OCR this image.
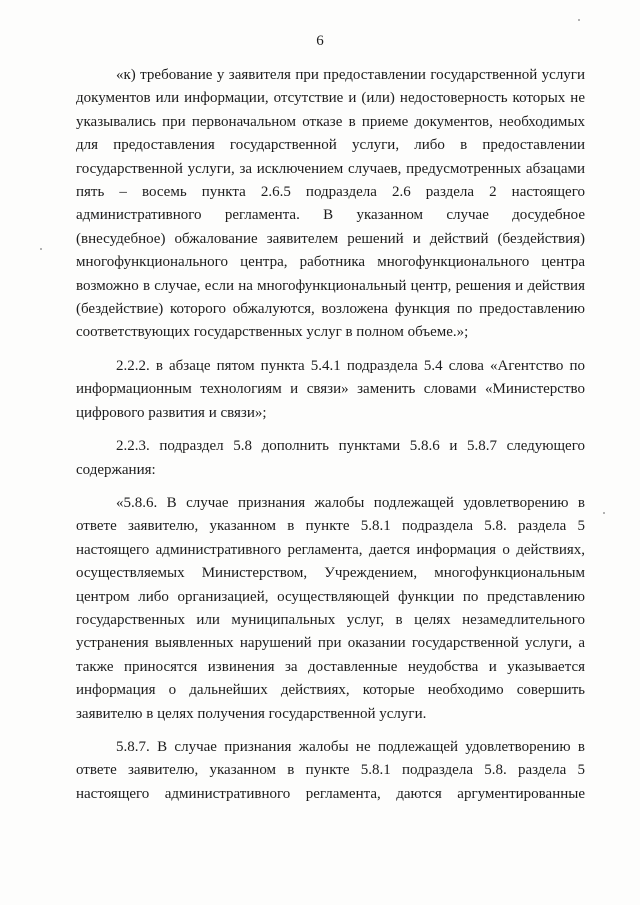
6

«к) требование у заявителя при предоставлении государственной услуги
документов или информации, отсутствие и (или) недостоверность которых не
указывались при первоначальном отказе в приеме документов, необходимых
для предоставления государственной услуги, либо в предоставлении
государственной услуги, за исключением случаев, предусмотренных абзацами
пять – восемь пункта 2.6.5 подраздела 2.6 раздела 2 настоящего
административного регламента. В указанном случае досудебное
(внесудебное) обжалование заявителем решений и действий (бездействия)
многофункционального центра, работника многофункционального центра
возможно в случае, если на многофункциональный центр, решения и действия
(бездействие) которого обжалуются, возложена функция по предоставлению
соответствующих государственных услуг в полном объеме.»;

2.2.2. в абзаце пятом пункта 5.4.1 подраздела 5.4 слова «Агентство по
информационным технологиям и связи» заменить словами «Министерство
цифрового развития и связи»;

2.2.3. подраздел 5.8 дополнить пунктами 5.8.6 и 5.8.7 следующего
содержания:

«5.8.6. В случае признания жалобы подлежащей удовлетворению в
ответе заявителю, указанном в пункте 5.8.1 подраздела 5.8. раздела 5
настоящего административного регламента, дается информация о действиях,
осуществляемых Министерством, Учреждением, многофункциональным
центром либо организацией, осуществляющей функции по представлению
государственных или муниципальных услуг, в целях незамедлительного
устранения выявленных нарушений при оказании государственной услуги, а
также приносятся извинения за доставленные неудобства и указывается
информация о дальнейших действиях, которые необходимо совершить
заявителю в целях получения государственной услуги.

5.8.7. В случае признания жалобы не подлежащей удовлетворению в
ответе заявителю, указанном в пункте 5.8.1 подраздела 5.8. раздела 5
настоящего административного регламента, даются аргументированные
